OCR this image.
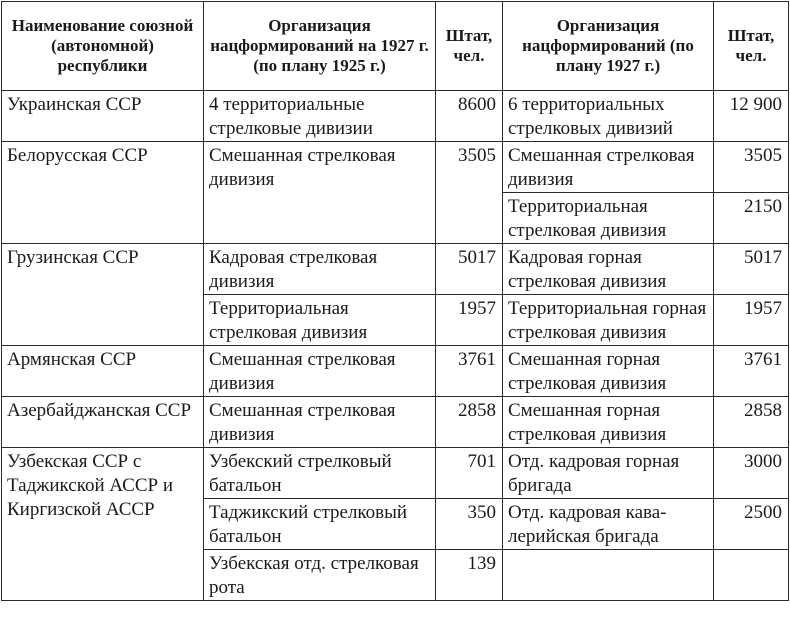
Наименование союзной (автономной) республики	Организация нацформирований на 1927 г. (по плану 1925 г.)	Штат, чел.	Организация нацформирований (по плану 1927 г.)	Штат, чел.
Украинская ССР	4 территориальные стрелковые дивизии	8600	6 территориальных стрелковых дивизий	12 900
Белорусская ССР	Смешанная стрелковая дивизия	3505	Смешанная стрелковая дивизия	3505
			Территориальная стрелковая дивизия	2150
Грузинская ССР	Кадровая стрелковая дивизия	5017	Кадровая горная стрелковая дивизия	5017
	Территориальная стрелковая дивизия	1957	Территориальная горная стрелковая дивизия	1957
Армянская ССР	Смешанная стрелковая дивизия	3761	Смешанная горная стрелковая дивизия	3761
Азербайджанская ССР	Смешанная стрелковая дивизия	2858	Смешанная горная стрелковая дивизия	2858
Узбекская ССР с Таджикской АССР и Киргизской АССР	Узбекский стрелковый батальон	701	Отд. кадровая горная бригада	3000
	Таджикский стрелковый батальон	350	Отд. кадровая кавалерийская бригада	2500
	Узбекская отд. стрелковая рота	139		
